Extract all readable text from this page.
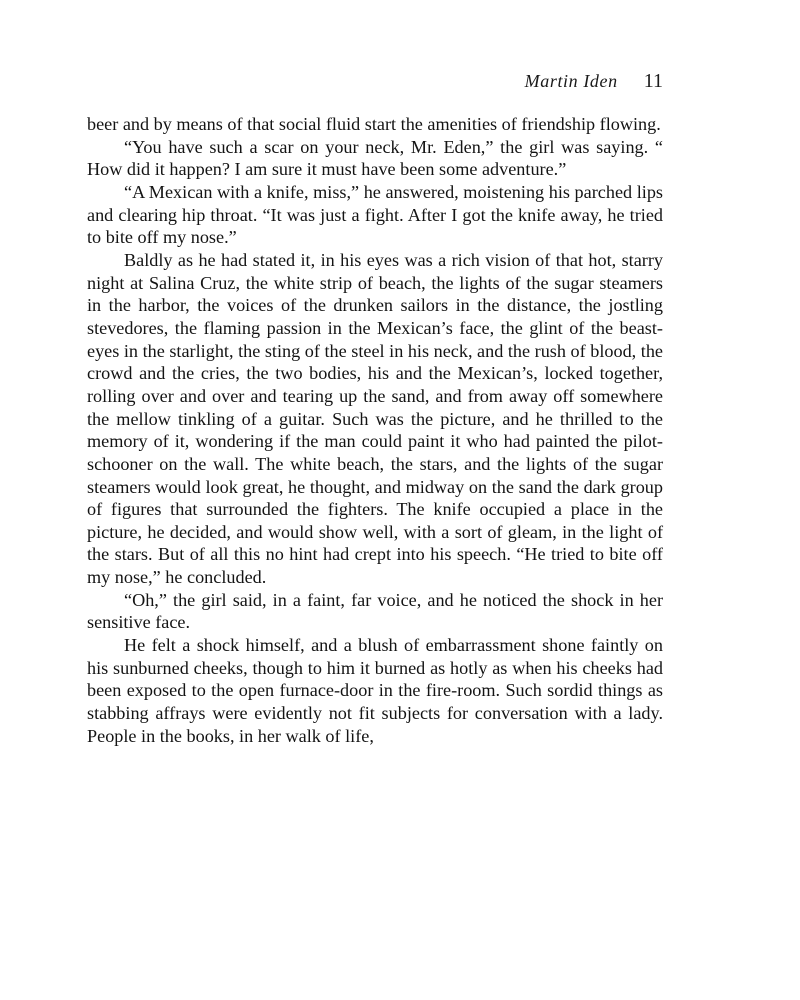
Martin Iden 11

beer and by means of that social fluid start the amenities of friendship flowing.

“You have such a scar on your neck, Mr. Eden,” the girl was saying. “ How did it happen? I am sure it must have been some adventure.”

“A Mexican with a knife, miss,” he answered, moistening his parched lips and clearing hip throat. “It was just a fight. After I got the knife away, he tried to bite off my nose.”

Baldly as he had stated it, in his eyes was a rich vision of that hot, starry night at Salina Cruz, the white strip of beach, the lights of the sugar steamers in the harbor, the voices of the drunken sailors in the distance, the jostling stevedores, the flaming passion in the Mexican’s face, the glint of the beast-eyes in the starlight, the sting of the steel in his neck, and the rush of blood, the crowd and the cries, the two bodies, his and the Mexican’s, locked together, rolling over and over and tearing up the sand, and from away off somewhere the mellow tinkling of a guitar. Such was the picture, and he thrilled to the memory of it, wondering if the man could paint it who had painted the pilot-schooner on the wall. The white beach, the stars, and the lights of the sugar steamers would look great, he thought, and midway on the sand the dark group of figures that surrounded the fighters. The knife occupied a place in the picture, he decided, and would show well, with a sort of gleam, in the light of the stars. But of all this no hint had crept into his speech. “He tried to bite off my nose,” he concluded.

“Oh,” the girl said, in a faint, far voice, and he noticed the shock in her sensitive face.

He felt a shock himself, and a blush of embarrassment shone faintly on his sunburned cheeks, though to him it burned as hotly as when his cheeks had been exposed to the open furnace-door in the fire-room. Such sordid things as stabbing affrays were evidently not fit subjects for conversation with a lady. People in the books, in her walk of life,
